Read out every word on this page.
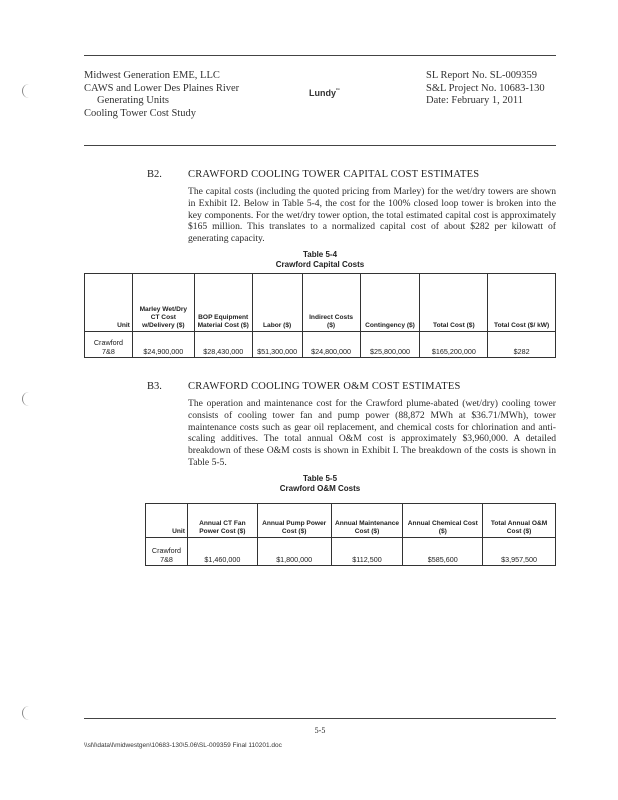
Midwest Generation EME, LLC
CAWS and Lower Des Plaines River
Generating Units
Cooling Tower Cost Study
Lundy‘‘‘
SL Report No. SL-009359
S&L Project No. 10683-130
Date: February 1, 2011
B2. CRAWFORD COOLING TOWER CAPITAL COST ESTIMATES
The capital costs (including the quoted pricing from Marley) for the wet/dry towers are shown in Exhibit I2. Below in Table 5-4, the cost for the 100% closed loop tower is broken into the key components. For the wet/dry tower option, the total estimated capital cost is approximately $165 million. This translates to a normalized capital cost of about $282 per kilowatt of generating capacity.
Table 5-4
Crawford Capital Costs
Unit	Marley Wet/Dry CT Cost w/Delivery ($)	BOP Equipment Material Cost ($)	Labor ($)	Indirect Costs ($)	Contingency ($)	Total Cost ($)	Total Cost ($/ kW)
Crawford 7&8	$24,900,000	$28,430,000	$51,300,000	$24,800,000	$25,800,000	$165,200,000	$282
B3. CRAWFORD COOLING TOWER O&M COST ESTIMATES
The operation and maintenance cost for the Crawford plume-abated (wet/dry) cooling tower consists of cooling tower fan and pump power (88,872 MWh at $36.71/MWh), tower maintenance costs such as gear oil replacement, and chemical costs for chlorination and anti-scaling additives. The total annual O&M cost is approximately $3,960,000. A detailed breakdown of these O&M costs is shown in Exhibit I. The breakdown of the costs is shown in Table 5-5.
Table 5-5
Crawford O&M Costs
Unit	Annual CT Fan Power Cost ($)	Annual Pump Power Cost ($)	Annual Maintenance Cost ($)	Annual Chemical Cost ($)	Total Annual O&M Cost ($)
Crawford 7&8	$1,460,000	$1,800,000	$112,500	$585,600	$3,957,500
5-5
\\sl\l\data\l\midwestgen\10683-130\5.06\SL-009359 Final 110201.doc
